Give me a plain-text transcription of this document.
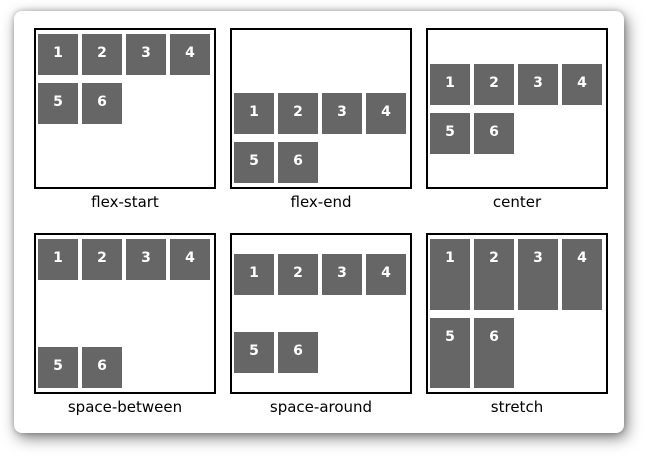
1	2	3	4
5	6
flex-start
1	2	3	4
5	6
flex-end
1	2	3	4
5	6
center
1	2	3	4
5	6
space-between
1	2	3	4
5	6
space-around
1	2	3	4
5	6
stretch
